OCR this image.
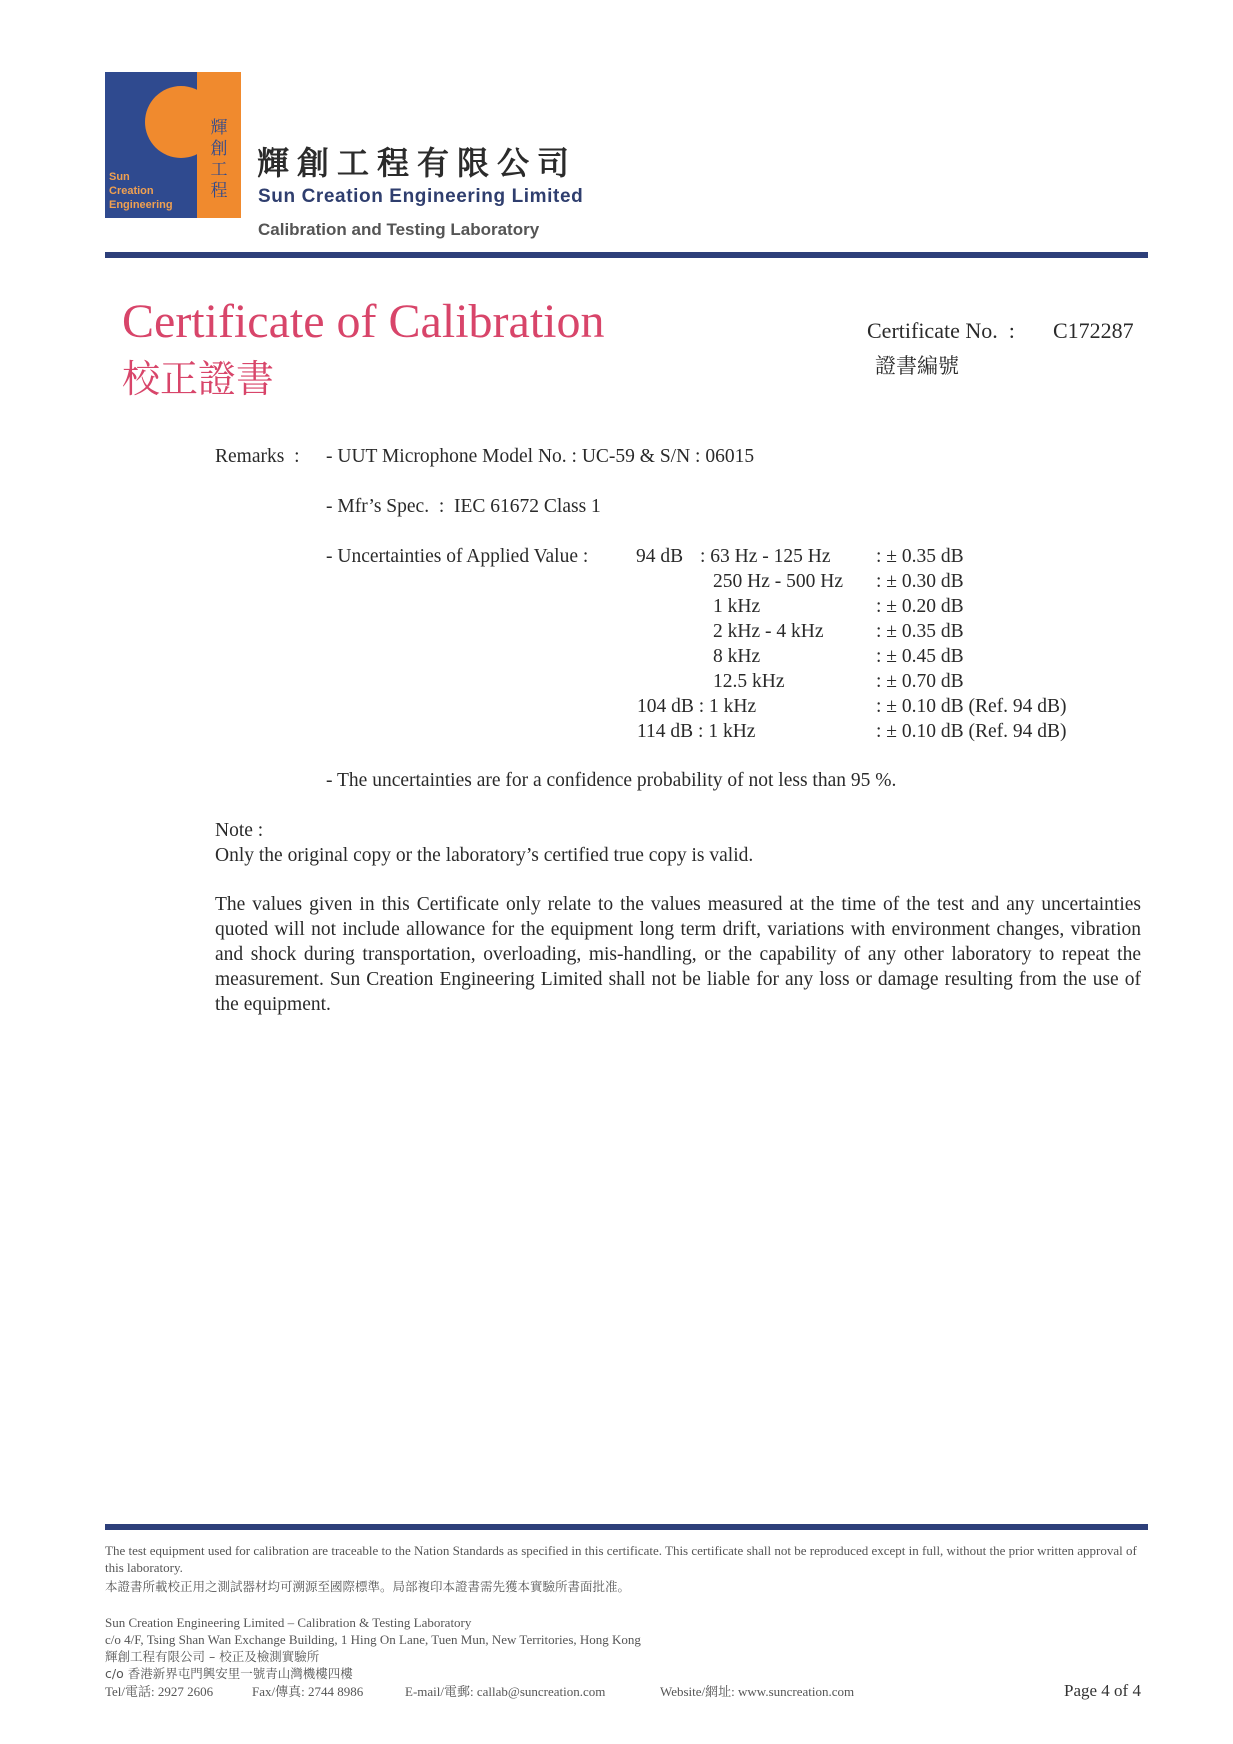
輝
創
工
程
Sun
Creation
Engineering
輝創工程有限公司
Sun Creation Engineering Limited
Calibration and Testing Laboratory
Certificate of Calibration
校正證書
Certificate No.  :
證書編號
C172287
Remarks  : - UUT Microphone Model No. : UC-59 & S/N : 06015
- Mfr’s Spec.  :  IEC 61672 Class 1
- Uncertainties of Applied Value : 94 dB : 63 Hz - 125 Hz : ± 0.35 dB
250 Hz - 500 Hz : ± 0.30 dB
1 kHz	: ± 0.20 dB
2 kHz - 4 kHz	: ± 0.35 dB
8 kHz	: ± 0.45 dB
12.5 kHz	: ± 0.70 dB
104 dB : 1 kHz	: ± 0.10 dB (Ref. 94 dB)
114 dB : 1 kHz	: ± 0.10 dB (Ref. 94 dB)
- The uncertainties are for a confidence probability of not less than 95 %.
Note :
Only the original copy or the laboratory’s certified true copy is valid.
The values given in this Certificate only relate to the values measured at the time of the test and any uncertainties quoted will not include allowance for the equipment long term drift, variations with environment changes, vibration and shock during transportation, overloading, mis-handling, or the capability of any other laboratory to repeat the measurement. Sun Creation Engineering Limited shall not be liable for any loss or damage resulting from the use of the equipment.
The test equipment used for calibration are traceable to the Nation Standards as specified in this certificate. This certificate shall not be reproduced except in full, without the prior written approval of this laboratory.
本證書所載校正用之測試器材均可溯源至國際標準。局部複印本證書需先獲本實驗所書面批准。
Sun Creation Engineering Limited – Calibration & Testing Laboratory
c/o 4/F, Tsing Shan Wan Exchange Building, 1 Hing On Lane, Tuen Mun, New Territories, Hong Kong
輝創工程有限公司 – 校正及檢測實驗所
c/o 香港新界屯門興安里一號青山灣機樓四樓
Tel/電話: 2927 2606	Fax/傳真: 2744 8986	E-mail/電郵: callab@suncreation.com	Website/網址: www.suncreation.com	Page 4 of 4
